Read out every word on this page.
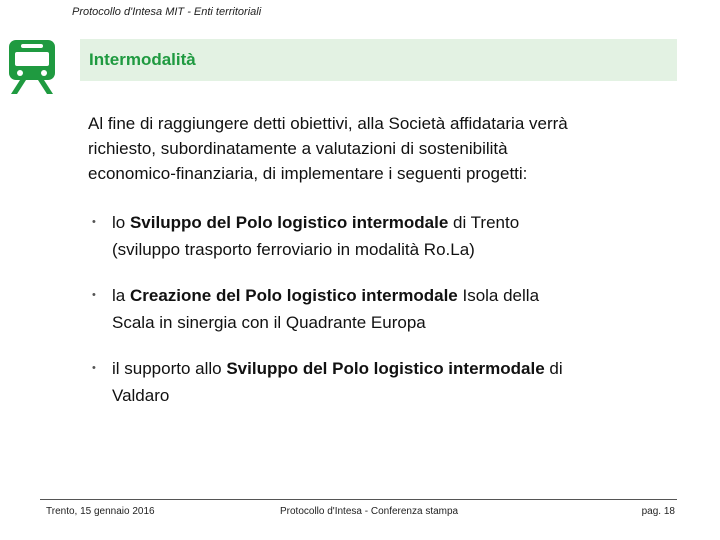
Protocollo d'Intesa MIT - Enti territoriali
Intermodalità
Al fine di raggiungere detti obiettivi, alla Società affidataria verrà
richiesto, subordinatamente a valutazioni di sostenibilità
economico-finanziaria, di implementare i seguenti progetti:
• lo Sviluppo del Polo logistico intermodale di Trento
(sviluppo trasporto ferroviario in modalità Ro.La)
• la Creazione del Polo logistico intermodale Isola della
Scala in sinergia con il Quadrante Europa
• il supporto allo Sviluppo del Polo logistico intermodale di
Valdaro
Trento, 15 gennaio 2016	Protocollo d'Intesa - Conferenza stampa	pag. 18
